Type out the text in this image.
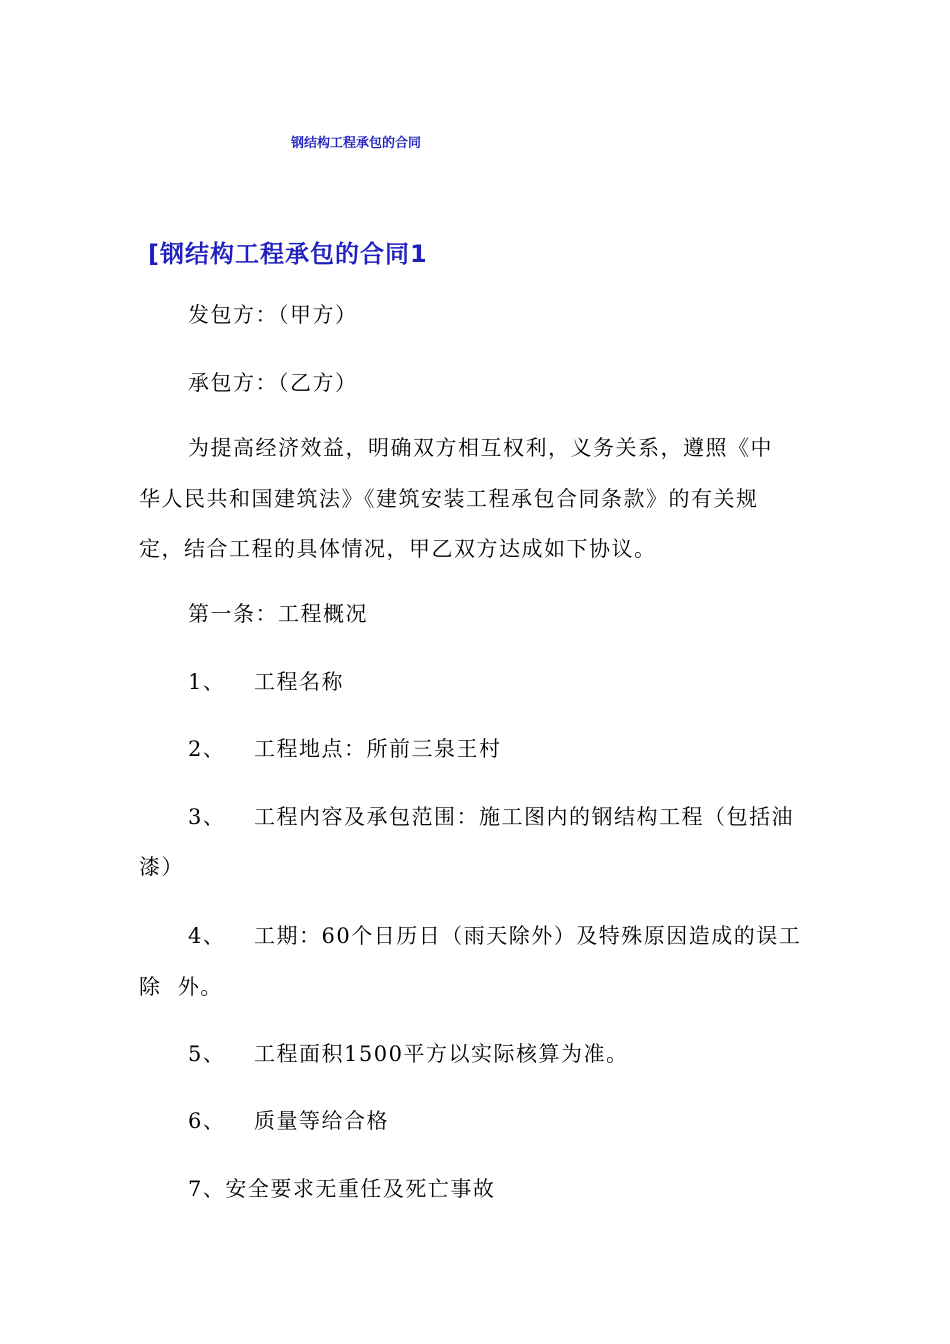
钢结构工程承包的合同
[钢结构工程承包的合同1
发包方：（甲方）
承包方：（乙方）
为提高经济效益，明确双方相互权利，义务关系，遵照《中
华人民共和国建筑法》《建筑安装工程承包合同条款》的有关规
定，结合工程的具体情况，甲乙双方达成如下协议。
第一条：工程概况
1、 工程名称
2、 工程地点：所前三泉王村
3、 工程内容及承包范围：施工图内的钢结构工程（包括油
漆）
4、 工期：60个日历日（雨天除外）及特殊原因造成的误工
除  外。
5、 工程面积1500平方以实际核算为准。
6、 质量等给合格
7、安全要求无重任及死亡事故
